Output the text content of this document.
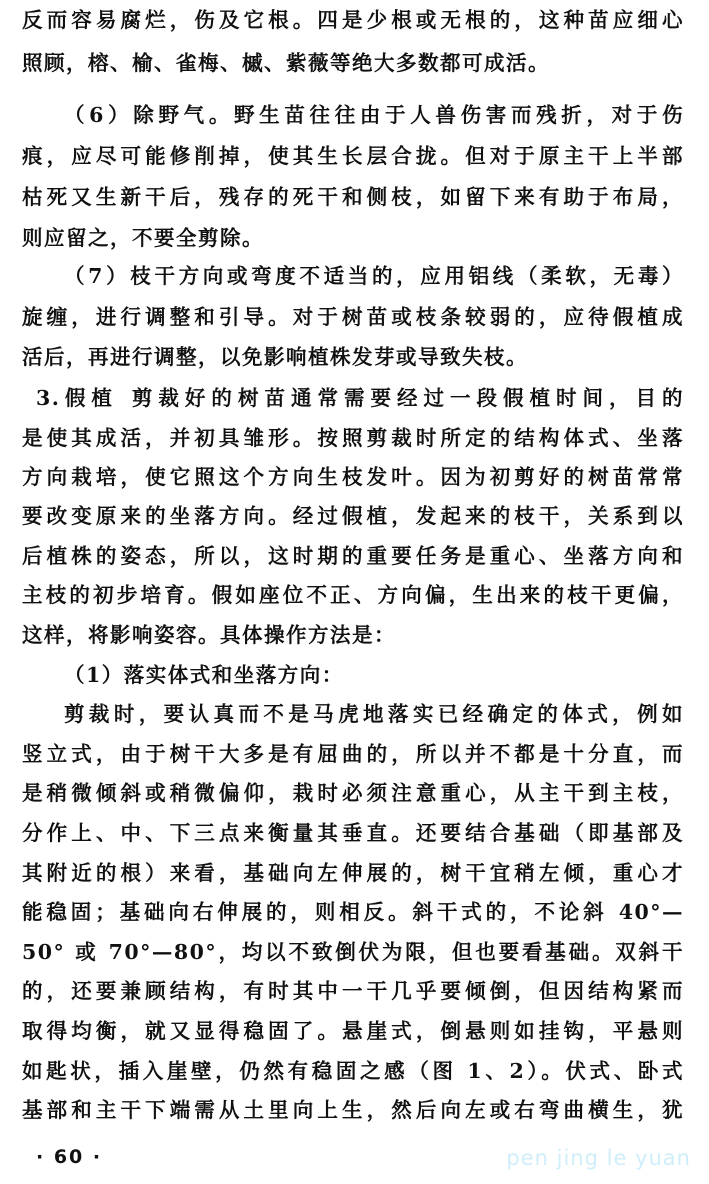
反而容易腐烂，伤及它根。四是少根或无根的，这种苗应细心
照顾，榕、榆、雀梅、槭、紫薇等绝大多数都可成活。
（6）除野气。野生苗往往由于人兽伤害而残折，对于伤
痕，应尽可能修削掉，使其生长层合拢。但对于原主干上半部
枯死又生新干后，残存的死干和侧枝，如留下来有助于布局，
则应留之，不要全剪除。
（7）枝干方向或弯度不适当的，应用铝线（柔软，无毒）
旋缠，进行调整和引导。对于树苗或枝条较弱的，应待假植成
活后，再进行调整，以免影响植株发芽或导致失枝。
3.假植 剪裁好的树苗通常需要经过一段假植时间，目的
是使其成活，并初具雏形。按照剪裁时所定的结构体式、坐落
方向栽培，使它照这个方向生枝发叶。因为初剪好的树苗常常
要改变原来的坐落方向。经过假植，发起来的枝干，关系到以
后植株的姿态，所以，这时期的重要任务是重心、坐落方向和
主枝的初步培育。假如座位不正、方向偏，生出来的枝干更偏，
这样，将影响姿容。具体操作方法是：
（1）落实体式和坐落方向：
剪裁时，要认真而不是马虎地落实已经确定的体式，例如
竖立式，由于树干大多是有屈曲的，所以并不都是十分直，而
是稍微倾斜或稍微偏仰，栽时必须注意重心，从主干到主枝，
分作上、中、下三点来衡量其垂直。还要结合基础（即基部及
其附近的根）来看，基础向左伸展的，树干宜稍左倾，重心才
能稳固；基础向右伸展的，则相反。斜干式的，不论斜 40°—
50° 或 70°—80°，均以不致倒伏为限，但也要看基础。双斜干
的，还要兼顾结构，有时其中一干几乎要倾倒，但因结构紧而
取得均衡，就又显得稳固了。悬崖式，倒悬则如挂钩，平悬则
如匙状，插入崖壁，仍然有稳固之感（图 1、2）。伏式、卧式
基部和主干下端需从土里向上生，然后向左或右弯曲横生，犹
· 60 ·	pen jing le yuan
